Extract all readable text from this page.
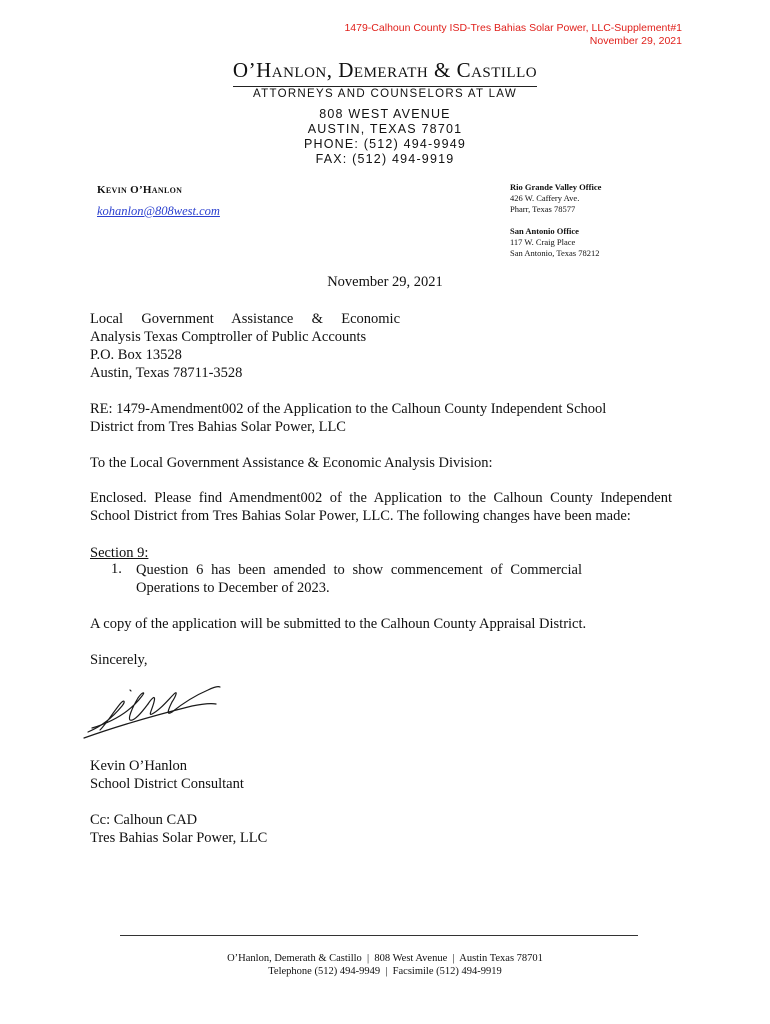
1479-Calhoun County ISD-Tres Bahias Solar Power, LLC-Supplement#1
November 29, 2021
O’Hanlon, Demerath & Castillo
ATTORNEYS AND COUNSELORS AT LAW
808 WEST AVENUE
AUSTIN, TEXAS 78701
PHONE: (512) 494-9949
FAX: (512) 494-9919
Kevin O’Hanlon
kohanlon@808west.com
Rio Grande Valley Office
426 W. Caffery Ave.
Pharr, Texas 78577
San Antonio Office
117 W. Craig Place
San Antonio, Texas 78212
November 29, 2021
Local Government Assistance & Economic
Analysis Texas Comptroller of Public Accounts
P.O. Box 13528
Austin, Texas 78711-3528
RE: 1479-Amendment002 of the Application to the Calhoun County Independent School District from Tres Bahias Solar Power, LLC
To the Local Government Assistance & Economic Analysis Division:
Enclosed. Please find Amendment002 of the Application to the Calhoun County Independent School District from Tres Bahias Solar Power, LLC. The following changes have been made:
Section 9:
1. Question 6 has been amended to show commencement of Commercial Operations to December of 2023.
A copy of the application will be submitted to the Calhoun County Appraisal District.
Sincerely,
Kevin O’Hanlon
School District Consultant
Cc: Calhoun CAD
Tres Bahias Solar Power, LLC
O’Hanlon, Demerath & Castillo  |  808 West Avenue  |  Austin Texas 78701
Telephone (512) 494-9949  |  Facsimile (512) 494-9919
